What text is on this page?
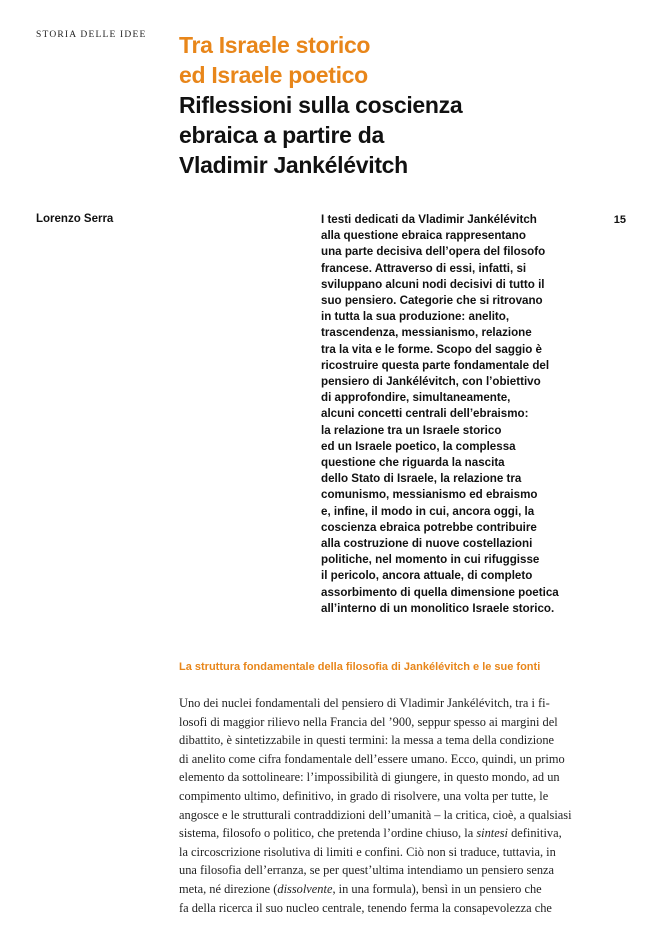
STORIA DELLE IDEE Tra Israele storico
ed Israele poetico
Riflessioni sulla coscienza
ebraica a partire da
Vladimir Jankélévitch
Lorenzo Serra	15
I testi dedicati da Vladimir Jankélévitch
alla questione ebraica rappresentano
una parte decisiva dell’opera del filosofo
francese. Attraverso di essi, infatti, si
sviluppano alcuni nodi decisivi di tutto il
suo pensiero. Categorie che si ritrovano
in tutta la sua produzione: anelito,
trascendenza, messianismo, relazione
tra la vita e le forme. Scopo del saggio è
ricostruire questa parte fondamentale del
pensiero di Jankélévitch, con l’obiettivo
di approfondire, simultaneamente,
alcuni concetti centrali dell’ebraismo:
la relazione tra un Israele storico
ed un Israele poetico, la complessa
questione che riguarda la nascita
dello Stato di Israele, la relazione tra
comunismo, messianismo ed ebraismo
e, infine, il modo in cui, ancora oggi, la
coscienza ebraica potrebbe contribuire
alla costruzione di nuove costellazioni
politiche, nel momento in cui rifuggisse
il pericolo, ancora attuale, di completo
assorbimento di quella dimensione poetica
all’interno di un monolitico Israele storico.
La struttura fondamentale della filosofia di Jankélévitch e le sue fonti
Uno dei nuclei fondamentali del pensiero di Vladimir Jankélévitch, tra i fi-
losofi di maggior rilievo nella Francia del ’900, seppur spesso ai margini del
dibattito, è sintetizzabile in questi termini: la messa a tema della condizione
di anelito come cifra fondamentale dell’essere umano. Ecco, quindi, un primo
elemento da sottolineare: l’impossibilità di giungere, in questo mondo, ad un
compimento ultimo, definitivo, in grado di risolvere, una volta per tutte, le
angosce e le strutturali contraddizioni dell’umanità – la critica, cioè, a qualsiasi
sistema, filosofo o politico, che pretenda l’ordine chiuso, la sintesi definitiva,
la circoscrizione risolutiva di limiti e confini. Ciò non si traduce, tuttavia, in
una filosofia dell’erranza, se per quest’ultima intendiamo un pensiero senza
meta, né direzione (dissolvente, in una formula), bensì in un pensiero che
fa della ricerca il suo nucleo centrale, tenendo ferma la consapevolezza che
